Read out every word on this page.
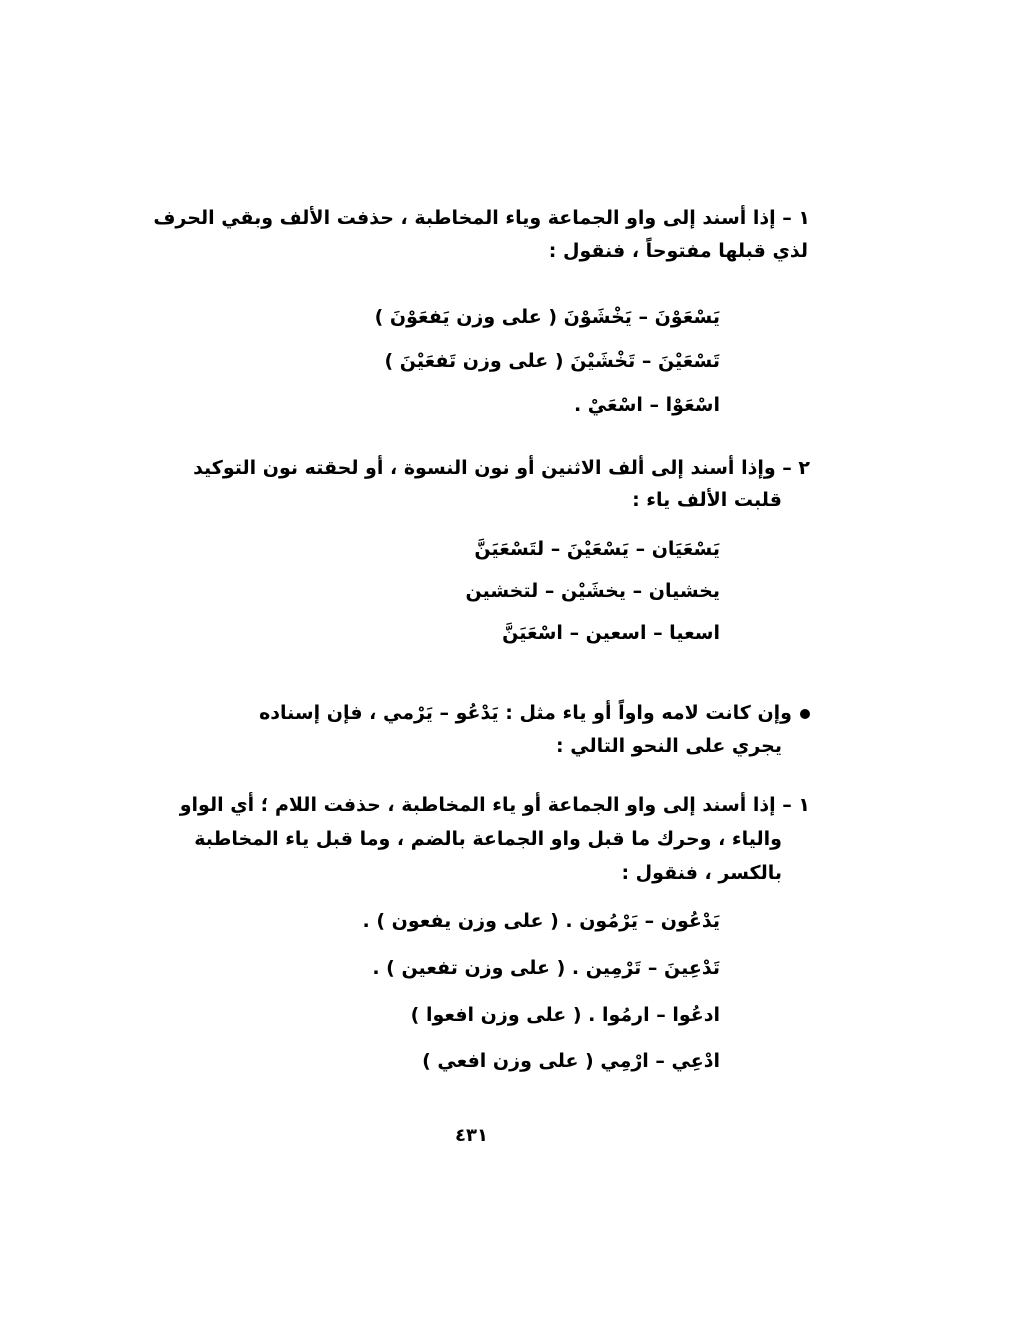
١ – إذا أسند إلى واو الجماعة وياء المخاطبة ، حذفت الألف وبقي الحرف
لذي قبلها مفتوحاً ، فنقول :
يَسْعَوْنَ – يَخْشَوْنَ ( على وزن يَفعَوْنَ )
تَسْعَيْنَ – تَخْشَيْنَ ( على وزن تَفعَيْنَ )
اسْعَوْا – اسْعَيْ .
٢ – وإذا أسند إلى ألف الاثنين أو نون النسوة ، أو لحقته نون التوكيد
قلبت الألف ياء :
يَسْعَيَان – يَسْعَيْنَ – لتَسْعَيَنَّ
يخشيان – يخشَيْن – لتخشين
اسعيا – اسعين – اسْعَيَنَّ
وإن كانت لامه واواً أو ياء مثل : يَدْعُو – يَرْمي ، فإن إسناده
يجري على النحو التالي :
١ – إذا أسند إلى واو الجماعة أو ياء المخاطبة ، حذفت اللام ؛ أي الواو
والياء ، وحرك ما قبل واو الجماعة بالضم ، وما قبل ياء المخاطبة
بالكسر ، فنقول :
يَدْعُون – يَرْمُون . ( على وزن يفعون ) .
تَدْعِينَ – تَرْمِين . ( على وزن تفعين ) .
ادعُوا – ارمُوا . ( على وزن افعوا )
ادْعِي – ارْمِي ( على وزن افعي )
٤٣١
